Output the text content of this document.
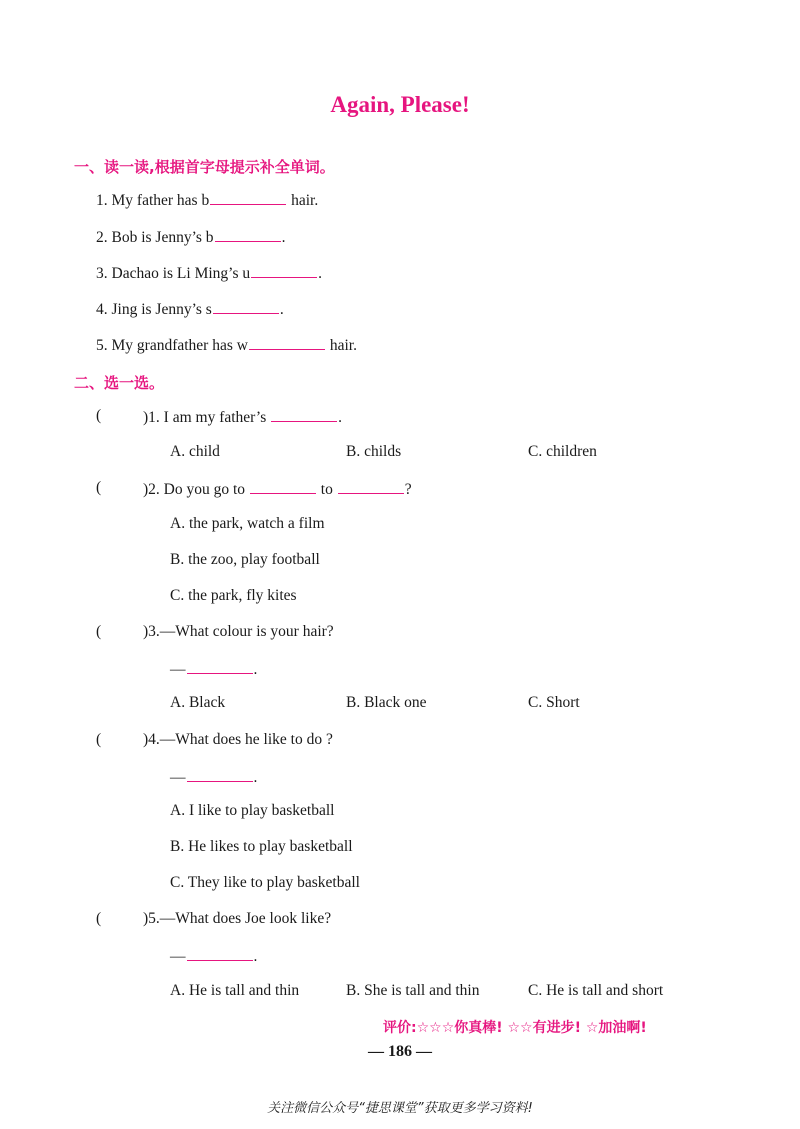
Again, Please!
一、读一读,根据首字母提示补全单词。
1. My father has b	hair.
2. Bob is Jenny’s b	.
3. Dachao is Li Ming’s u	.
4. Jing is Jenny’s s	.
5. My grandfather has w	hair.
二、选一选。
(	)1. I am my father’s	.
A. child	B. childs	C. children
(	)2. Do you go to	to	?
A. the park, watch a film
B. the zoo, play football
C. the park, fly kites
(	)3.—What colour is your hair?
—	.
A. Black	B. Black one	C. Short
(	)4.—What does he like to do ?
—	.
A. I like to play basketball
B. He likes to play basketball
C. They like to play basketball
(	)5.—What does Joe look like?
—	.
A. He is tall and thin	B. She is tall and thin	C. He is tall and short
评价:☆☆☆你真棒! ☆☆有进步! ☆加油啊!
— 186 —
关注微信公众号“捷思课堂”获取更多学习资料!
